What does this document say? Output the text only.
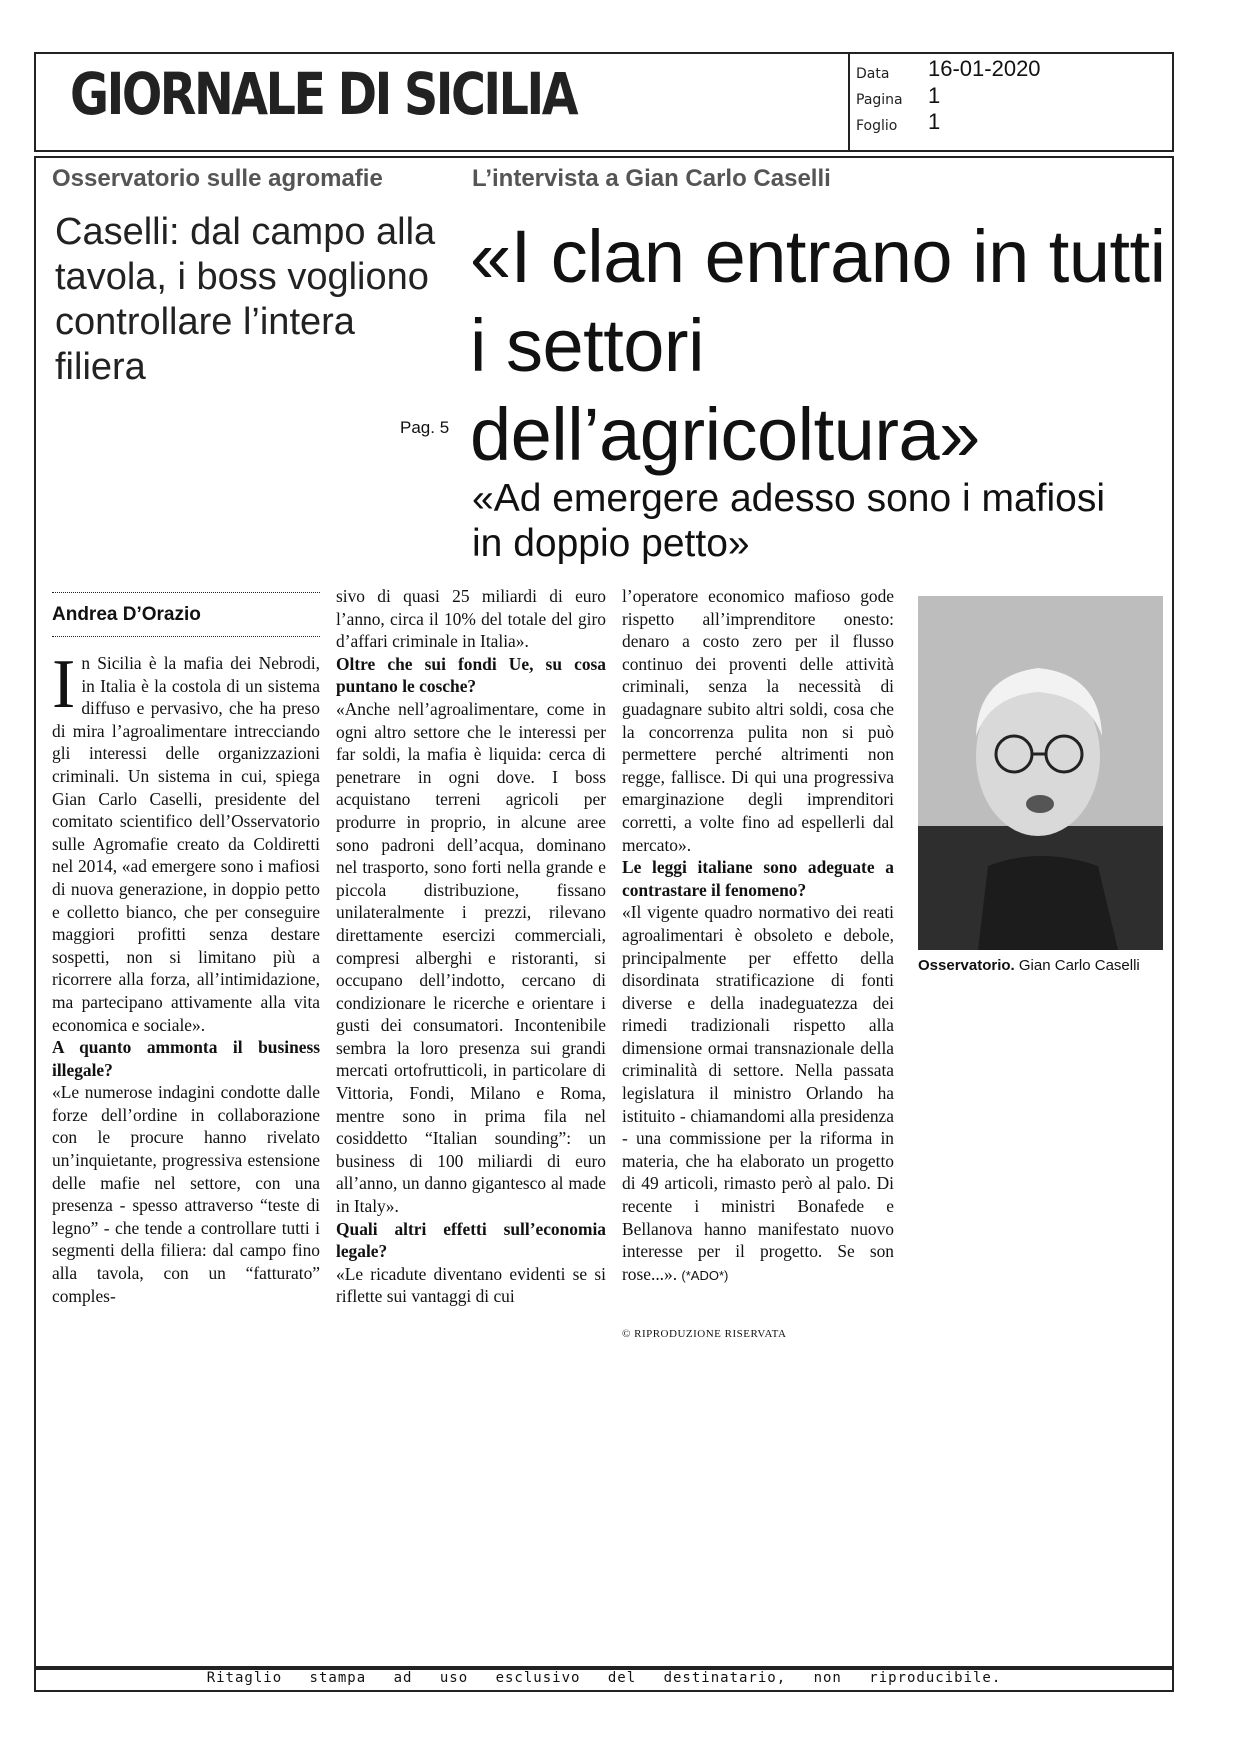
GIORNALE DI SICILIA	Data 16-01-2020
Pagina 1
Foglio 1
Osservatorio sulle agromafie
Caselli: dal campo alla tavola, i boss vogliono controllare l’intera filiera
Pag. 5
L’intervista a Gian Carlo Caselli
«I clan entrano in tutti i settori dell’agricoltura»
«Ad emergere adesso sono i mafiosi in doppio petto»
Andrea D’Orazio
I n Sicilia è la mafia dei Nebrodi, in Italia è la costola di un sistema diffuso e pervasivo, che ha preso di mira l’agroalimentare intrecciando gli interessi delle organizzazioni criminali. Un sistema in cui, spiega Gian Carlo Caselli, presidente del comitato scientifico dell’Osservatorio sulle Agromafie creato da Coldiretti nel 2014, «ad emergere sono i mafiosi di nuova generazione, in doppio petto e colletto bianco, che per conseguire maggiori profitti senza destare sospetti, non si limitano più a ricorrere alla forza, all’intimidazione, ma partecipano attivamente alla vita economica e sociale».

A quanto ammonta il business illegale?

«Le numerose indagini condotte dalle forze dell’ordine in collaborazione con le procure hanno rivelato un’inquietante, progressiva estensione delle mafie nel settore, con una presenza - spesso attraverso “teste di legno” - che tende a controllare tutti i segmenti della filiera: dal campo fino alla tavola, con un “fatturato” comples-

sivo di quasi 25 miliardi di euro l’anno, circa il 10% del totale del giro d’affari criminale in Italia».

Oltre che sui fondi Ue, su cosa puntano le cosche?

«Anche nell’agroalimentare, come in ogni altro settore che le interessi per far soldi, la mafia è liquida: cerca di penetrare in ogni dove. I boss acquistano terreni agricoli per produrre in proprio, in alcune aree sono padroni dell’acqua, dominano nel trasporto, sono forti nella grande e piccola distribuzione, fissano unilateralmente i prezzi, rilevano direttamente esercizi commerciali, compresi alberghi e ristoranti, si occupano dell’indotto, cercano di condizionare le ricerche e orientare i gusti dei consumatori. Incontenibile sembra la loro presenza sui grandi mercati ortofrutticoli, in particolare di Vittoria, Fondi, Milano e Roma, mentre sono in prima fila nel cosiddetto “Italian sounding”: un business di 100 miliardi di euro all’anno, un danno gigantesco al made in Italy».

Quali altri effetti sull’economia legale?

«Le ricadute diventano evidenti se si riflette sui vantaggi di cui

l’operatore economico mafioso gode rispetto all’imprenditore onesto: denaro a costo zero per il flusso continuo dei proventi delle attività criminali, senza la necessità di guadagnare subito altri soldi, cosa che la concorrenza pulita non si può permettere perché altrimenti non regge, fallisce. Di qui una progressiva emarginazione degli imprenditori corretti, a volte fino ad espellerli dal mercato».

Le leggi italiane sono adeguate a contrastare il fenomeno?

«Il vigente quadro normativo dei reati agroalimentari è obsoleto e debole, principalmente per effetto della disordinata stratificazione di fonti diverse e della inadeguatezza dei rimedi tradizionali rispetto alla dimensione ormai transnazionale della criminalità di settore. Nella passata legislatura il ministro Orlando ha istituito - chiamandomi alla presidenza - una commissione per la riforma in materia, che ha elaborato un progetto di 49 articoli, rimasto però al palo. Di recente i ministri Bonafede e Bellanova hanno manifestato nuovo interesse per il progetto. Se son rose...». (*ADO*)

© RIPRODUZIONE RISERVATA
Osservatorio. Gian Carlo Caselli
Ritaglio stampa ad uso esclusivo del destinatario, non riproducibile.
